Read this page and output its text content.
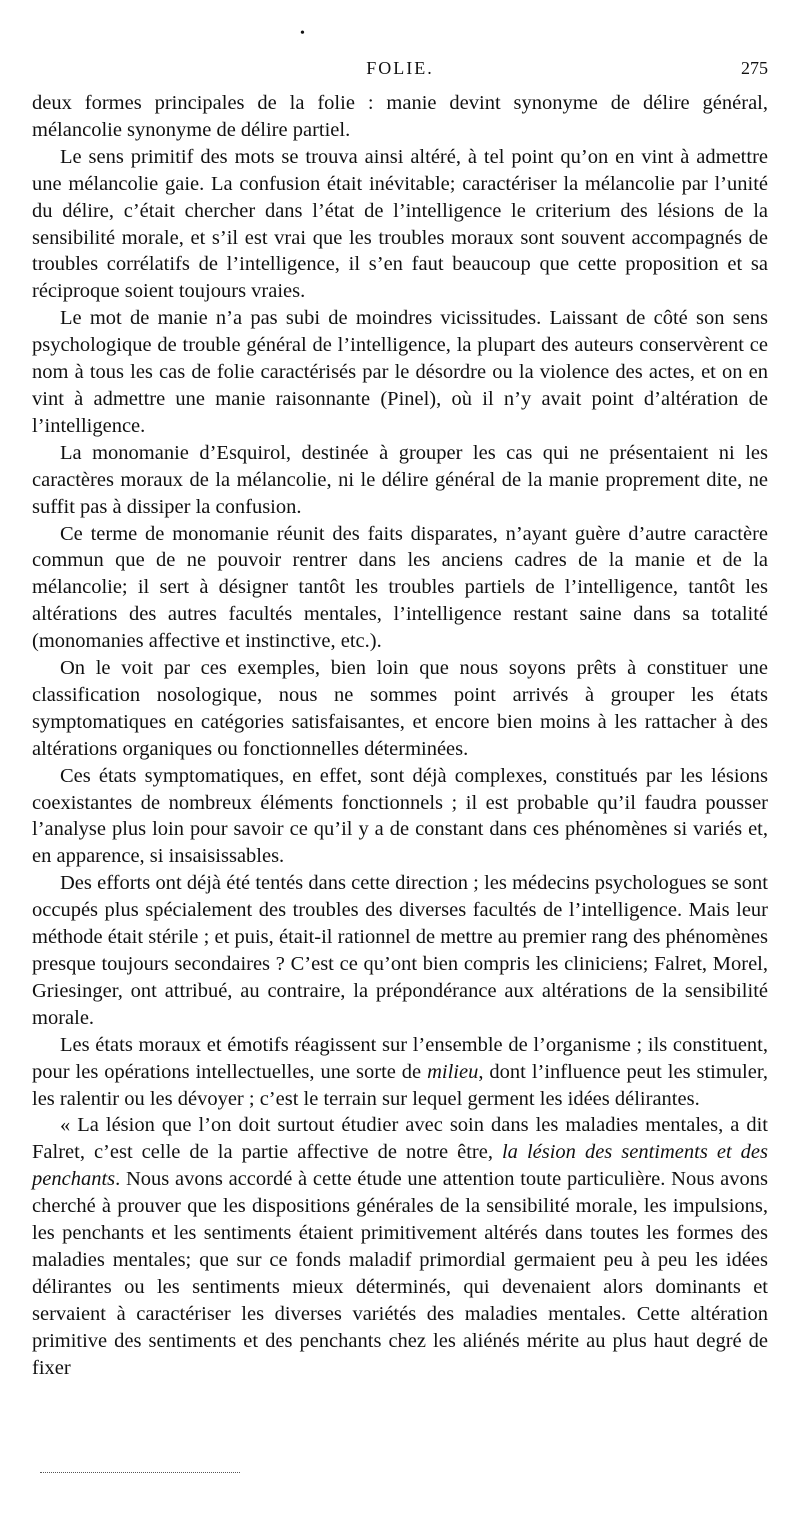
•
FOLIE.	275

deux formes principales de la folie : manie devint synonyme de délire général, mélancolie synonyme de délire partiel.

Le sens primitif des mots se trouva ainsi altéré, à tel point qu’on en vint à admettre une mélancolie gaie. La confusion était inévitable; caractériser la mélancolie par l’unité du délire, c’était chercher dans l’état de l’intelligence le criterium des lésions de la sensibilité morale, et s’il est vrai que les troubles moraux sont souvent accompagnés de troubles corrélatifs de l’intelligence, il s’en faut beaucoup que cette proposition et sa réciproque soient toujours vraies.

Le mot de manie n’a pas subi de moindres vicissitudes. Laissant de côté son sens psychologique de trouble général de l’intelligence, la plupart des auteurs conservèrent ce nom à tous les cas de folie caractérisés par le désordre ou la violence des actes, et on en vint à admettre une manie raisonnante (Pinel), où il n’y avait point d’altération de l’intelligence.

La monomanie d’Esquirol, destinée à grouper les cas qui ne présentaient ni les caractères moraux de la mélancolie, ni le délire général de la manie proprement dite, ne suffit pas à dissiper la confusion.

Ce terme de monomanie réunit des faits disparates, n’ayant guère d’autre caractère commun que de ne pouvoir rentrer dans les anciens cadres de la manie et de la mélancolie; il sert à désigner tantôt les troubles partiels de l’intelligence, tantôt les altérations des autres facultés mentales, l’intelligence restant saine dans sa totalité (monomanies affective et instinctive, etc.).

On le voit par ces exemples, bien loin que nous soyons prêts à constituer une classification nosologique, nous ne sommes point arrivés à grouper les états symptomatiques en catégories satisfaisantes, et encore bien moins à les rattacher à des altérations organiques ou fonctionnelles déterminées.

Ces états symptomatiques, en effet, sont déjà complexes, constitués par les lésions coexistantes de nombreux éléments fonctionnels ; il est probable qu’il faudra pousser l’analyse plus loin pour savoir ce qu’il y a de constant dans ces phénomènes si variés et, en apparence, si insaisissables.

Des efforts ont déjà été tentés dans cette direction ; les médecins psychologues se sont occupés plus spécialement des troubles des diverses facultés de l’intelligence. Mais leur méthode était stérile ; et puis, était-il rationnel de mettre au premier rang des phénomènes presque toujours secondaires ? C’est ce qu’ont bien compris les cliniciens; Falret, Morel, Griesinger, ont attribué, au contraire, la prépondérance aux altérations de la sensibilité morale.

Les états moraux et émotifs réagissent sur l’ensemble de l’organisme ; ils constituent, pour les opérations intellectuelles, une sorte de milieu, dont l’influence peut les stimuler, les ralentir ou les dévoyer ; c’est le terrain sur lequel germent les idées délirantes.

« La lésion que l’on doit surtout étudier avec soin dans les maladies mentales, a dit Falret, c’est celle de la partie affective de notre être, la lésion des sentiments et des penchants. Nous avons accordé à cette étude une attention toute particulière. Nous avons cherché à prouver que les dispositions générales de la sensibilité morale, les impulsions, les penchants et les sentiments étaient primitivement altérés dans toutes les formes des maladies mentales; que sur ce fonds maladif primordial germaient peu à peu les idées délirantes ou les sentiments mieux déterminés, qui devenaient alors dominants et servaient à caractériser les diverses variétés des maladies mentales. Cette altération primitive des sentiments et des penchants chez les aliénés mérite au plus haut degré de fixer
